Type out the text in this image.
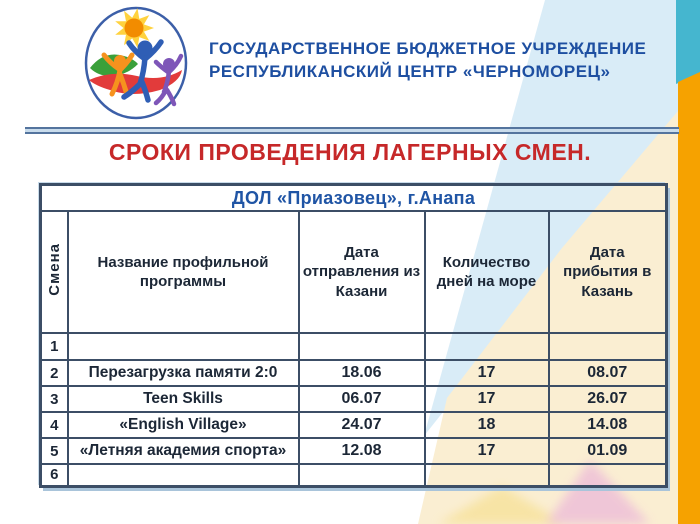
ГОСУДАРСТВЕННОЕ БЮДЖЕТНОЕ УЧРЕЖДЕНИЕ
РЕСПУБЛИКАНСКИЙ ЦЕНТР «ЧЕРНОМОРЕЦ»
СРОКИ ПРОВЕДЕНИЯ ЛАГЕРНЫХ СМЕН.
ДОЛ «Приазовец», г.Анапа				
Смена	Название профильной программы	Дата отправления из Казани	Количество дней на море	Дата прибытия в Казань
1				
2	Перезагрузка памяти 2:0	18.06	17	08.07
3	Teen Skills	06.07	17	26.07
4	«English Village»	24.07	18	14.08
5	«Летняя академия спорта»	12.08	17	01.09
6				
